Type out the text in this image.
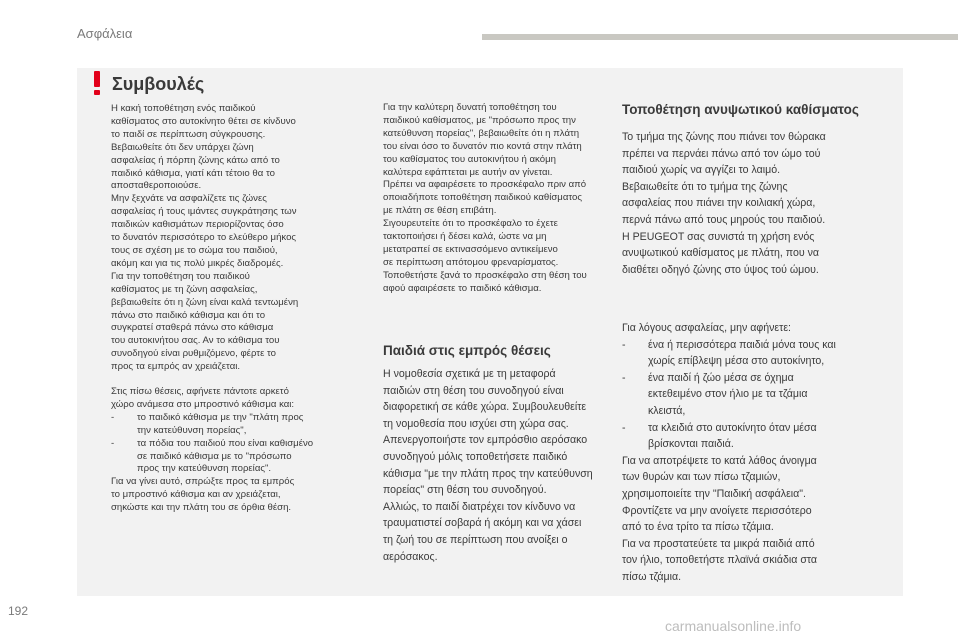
Ασφάλεια
Συμβουλές

Η κακή τοποθέτηση ενός παιδικού

καθίσματος στο αυτοκίνητο θέτει σε κίνδυνο

το παιδί σε περίπτωση σύγκρουσης.

Βεβαιωθείτε ότι δεν υπάρχει ζώνη

ασφαλείας ή πόρπη ζώνης κάτω από το

παιδικό κάθισμα, γιατί κάτι τέτοιο θα το

αποσταθεροποιούσε.

Μην ξεχνάτε να ασφαλίζετε τις ζώνες

ασφαλείας ή τους ιμάντες συγκράτησης των

παιδικών καθισμάτων περιορίζοντας όσο

το δυνατόν περισσότερο το ελεύθερο μήκος

τους σε σχέση με το σώμα του παιδιού,

ακόμη και για τις πολύ μικρές διαδρομές.

Για την τοποθέτηση του παιδικού

καθίσματος με τη ζώνη ασφαλείας,

βεβαιωθείτε ότι η ζώνη είναι καλά τεντωμένη

πάνω στο παιδικό κάθισμα και ότι το

συγκρατεί σταθερά πάνω στο κάθισμα

του αυτοκινήτου σας. Αν το κάθισμα του

συνοδηγού είναι ρυθμιζόμενο, φέρτε το

προς τα εμπρός αν χρειάζεται.

Στις πίσω θέσεις, αφήνετε πάντοτε αρκετό

χώρο ανάμεσα στο μπροστινό κάθισμα και:

- το παιδικό κάθισμα με την "πλάτη προς
την κατεύθυνση πορείας",
- τα πόδια του παιδιού που είναι καθισμένο
σε παιδικό κάθισμα με το "πρόσωπο
προς την κατεύθυνση πορείας".

Για να γίνει αυτό, σπρώξτε προς τα εμπρός

το μπροστινό κάθισμα και αν χρειάζεται,

σηκώστε και την πλάτη του σε όρθια θέση.

Για την καλύτερη δυνατή τοποθέτηση του

παιδικού καθίσματος, με "πρόσωπο προς την

κατεύθυνση πορείας", βεβαιωθείτε ότι η πλάτη

του είναι όσο το δυνατόν πιο κοντά στην πλάτη

του καθίσματος του αυτοκινήτου ή ακόμη

καλύτερα εφάπτεται με αυτήν αν γίνεται.

Πρέπει να αφαιρέσετε το προσκέφαλο πριν από

οποιαδήποτε τοποθέτηση παιδικού καθίσματος

με πλάτη σε θέση επιβάτη.

Σιγουρευτείτε ότι το προσκέφαλο το έχετε

τακτοποιήσει ή δέσει καλά, ώστε να μη

μετατραπεί σε εκτινασσόμενο αντικείμενο

σε περίπτωση απότομου φρεναρίσματος.

Τοποθετήστε ξανά το προσκέφαλο στη θέση του

αφού αφαιρέσετε το παιδικό κάθισμα.

Παιδιά στις εμπρός θέσεις

Η νομοθεσία σχετικά με τη μεταφορά

παιδιών στη θέση του συνοδηγού είναι

διαφορετική σε κάθε χώρα. Συμβουλευθείτε

τη νομοθεσία που ισχύει στη χώρα σας.

Απενεργοποιήστε τον εμπρόσθιο αερόσακο

συνοδηγού μόλις τοποθετήσετε παιδικό

κάθισμα "με την πλάτη προς την κατεύθυνση

πορείας" στη θέση του συνοδηγού.

Αλλιώς, το παιδί διατρέχει τον κίνδυνο να

τραυματιστεί σοβαρά ή ακόμη και να χάσει

τη ζωή του σε περίπτωση που ανοίξει ο

αερόσακος.

Τοποθέτηση ανυψωτικού καθίσματος

Το τμήμα της ζώνης που πιάνει τον θώρακα

πρέπει να περνάει πάνω από τον ώμο τού

παιδιού χωρίς να αγγίζει το λαιμό.

Βεβαιωθείτε ότι το τμήμα της ζώνης

ασφαλείας που πιάνει την κοιλιακή χώρα,

περνά πάνω από τους μηρούς του παιδιού.

Η PEUGEOT σας συνιστά τη χρήση ενός

ανυψωτικού καθίσματος με πλάτη, που να

διαθέτει οδηγό ζώνης στο ύψος τού ώμου.

Για λόγους ασφαλείας, μην αφήνετε:

- ένα ή περισσότερα παιδιά μόνα τους και
χωρίς επίβλεψη μέσα στο αυτοκίνητο,
- ένα παιδί ή ζώο μέσα σε όχημα
εκτεθειμένο στον ήλιο με τα τζάμια
κλειστά,
- τα κλειδιά στο αυτοκίνητο όταν μέσα
βρίσκονται παιδιά.

Για να αποτρέψετε το κατά λάθος άνοιγμα

των θυρών και των πίσω τζαμιών,

χρησιμοποιείτε την "Παιδική ασφάλεια".

Φροντίζετε να μην ανοίγετε περισσότερο

από το ένα τρίτο τα πίσω τζάμια.

Για να προστατεύετε τα μικρά παιδιά από

τον ήλιο, τοποθετήστε πλαϊνά σκιάδια στα

πίσω τζάμια.

192
carmanualsonline.info
